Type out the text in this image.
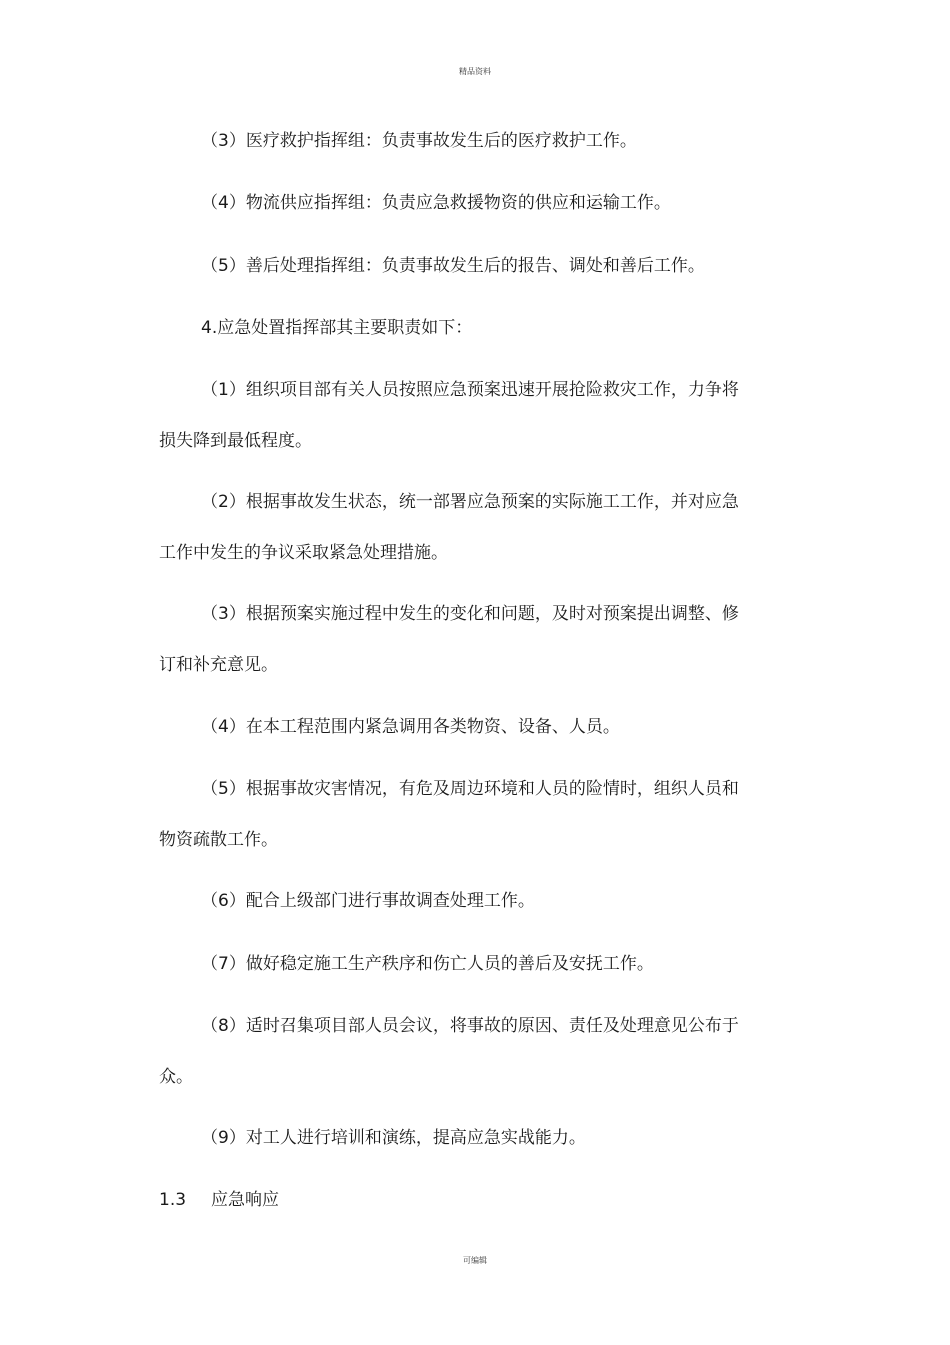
精品资料
（3）医疗救护指挥组：负责事故发生后的医疗救护工作。
（4）物流供应指挥组：负责应急救援物资的供应和运输工作。
（5）善后处理指挥组：负责事故发生后的报告、调处和善后工作。
4.应急处置指挥部其主要职责如下：
（1）组织项目部有关人员按照应急预案迅速开展抢险救灾工作，力争将
损失降到最低程度。
（2）根据事故发生状态，统一部署应急预案的实际施工工作，并对应急
工作中发生的争议采取紧急处理措施。
（3）根据预案实施过程中发生的变化和问题，及时对预案提出调整、修
订和补充意见。
（4）在本工程范围内紧急调用各类物资、设备、人员。
（5）根据事故灾害情况，有危及周边环境和人员的险情时，组织人员和
物资疏散工作。
（6）配合上级部门进行事故调查处理工作。
（7）做好稳定施工生产秩序和伤亡人员的善后及安抚工作。
（8）适时召集项目部人员会议，将事故的原因、责任及处理意见公布于
众。
（9）对工人进行培训和演练，提高应急实战能力。
1.3 应急响应
可编辑
